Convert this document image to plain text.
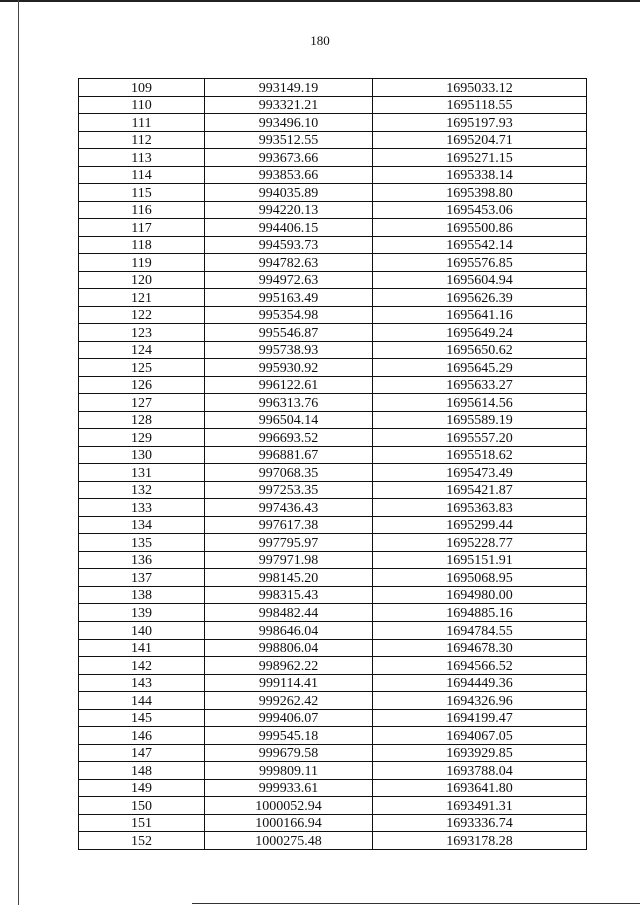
180
109	993149.19	1695033.12
110	993321.21	1695118.55
111	993496.10	1695197.93
112	993512.55	1695204.71
113	993673.66	1695271.15
114	993853.66	1695338.14
115	994035.89	1695398.80
116	994220.13	1695453.06
117	994406.15	1695500.86
118	994593.73	1695542.14
119	994782.63	1695576.85
120	994972.63	1695604.94
121	995163.49	1695626.39
122	995354.98	1695641.16
123	995546.87	1695649.24
124	995738.93	1695650.62
125	995930.92	1695645.29
126	996122.61	1695633.27
127	996313.76	1695614.56
128	996504.14	1695589.19
129	996693.52	1695557.20
130	996881.67	1695518.62
131	997068.35	1695473.49
132	997253.35	1695421.87
133	997436.43	1695363.83
134	997617.38	1695299.44
135	997795.97	1695228.77
136	997971.98	1695151.91
137	998145.20	1695068.95
138	998315.43	1694980.00
139	998482.44	1694885.16
140	998646.04	1694784.55
141	998806.04	1694678.30
142	998962.22	1694566.52
143	999114.41	1694449.36
144	999262.42	1694326.96
145	999406.07	1694199.47
146	999545.18	1694067.05
147	999679.58	1693929.85
148	999809.11	1693788.04
149	999933.61	1693641.80
150	1000052.94	1693491.31
151	1000166.94	1693336.74
152	1000275.48	1693178.28
